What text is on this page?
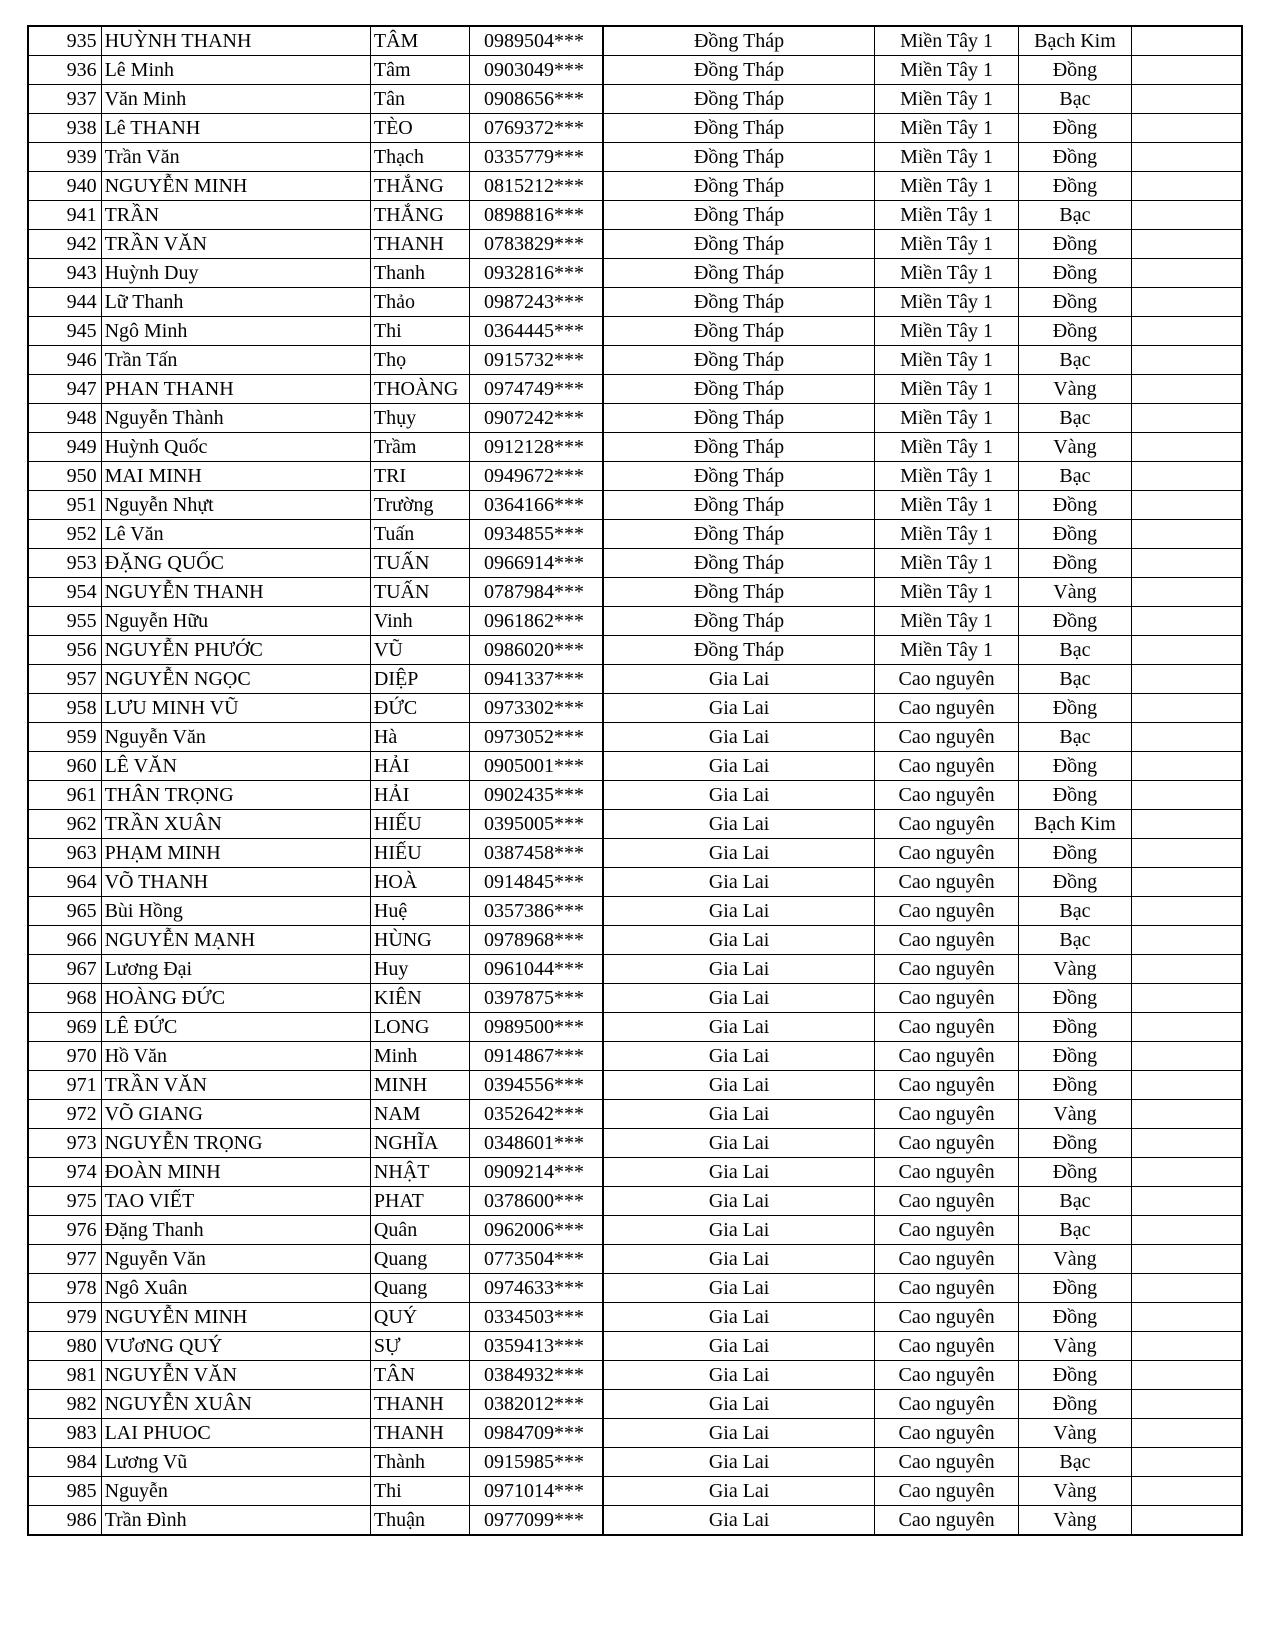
935	HUỲNH THANH	TÂM	0989504***	Đồng Tháp	Miền Tây 1	Bạch Kim	
936	Lê Minh	Tâm	0903049***	Đồng Tháp	Miền Tây 1	Đồng	
937	Văn Minh	Tân	0908656***	Đồng Tháp	Miền Tây 1	Bạc	
938	Lê THANH	TÈO	0769372***	Đồng Tháp	Miền Tây 1	Đồng	
939	Trần Văn	Thạch	0335779***	Đồng Tháp	Miền Tây 1	Đồng	
940	NGUYỄN MINH	THẮNG	0815212***	Đồng Tháp	Miền Tây 1	Đồng	
941	TRẦN	THẮNG	0898816***	Đồng Tháp	Miền Tây 1	Bạc	
942	TRẦN VĂN	THANH	0783829***	Đồng Tháp	Miền Tây 1	Đồng	
943	Huỳnh Duy	Thanh	0932816***	Đồng Tháp	Miền Tây 1	Đồng	
944	Lữ Thanh	Thảo	0987243***	Đồng Tháp	Miền Tây 1	Đồng	
945	Ngô Minh	Thi	0364445***	Đồng Tháp	Miền Tây 1	Đồng	
946	Trần Tấn	Thọ	0915732***	Đồng Tháp	Miền Tây 1	Bạc	
947	PHAN THANH	THOÀNG	0974749***	Đồng Tháp	Miền Tây 1	Vàng	
948	Nguyễn Thành	Thụy	0907242***	Đồng Tháp	Miền Tây 1	Bạc	
949	Huỳnh Quốc	Trầm	0912128***	Đồng Tháp	Miền Tây 1	Vàng	
950	MAI MINH	TRI	0949672***	Đồng Tháp	Miền Tây 1	Bạc	
951	Nguyễn Nhựt	Trường	0364166***	Đồng Tháp	Miền Tây 1	Đồng	
952	Lê Văn	Tuấn	0934855***	Đồng Tháp	Miền Tây 1	Đồng	
953	ĐẶNG QUỐC	TUẤN	0966914***	Đồng Tháp	Miền Tây 1	Đồng	
954	NGUYỄN THANH	TUẤN	0787984***	Đồng Tháp	Miền Tây 1	Vàng	
955	Nguyễn Hữu	Vinh	0961862***	Đồng Tháp	Miền Tây 1	Đồng	
956	NGUYỄN PHƯỚC	VŨ	0986020***	Đồng Tháp	Miền Tây 1	Bạc	
957	NGUYỄN NGỌC	DIỆP	0941337***	Gia Lai	Cao nguyên	Bạc	
958	LƯU MINH VŨ	ĐỨC	0973302***	Gia Lai	Cao nguyên	Đồng	
959	Nguyễn Văn	Hà	0973052***	Gia Lai	Cao nguyên	Bạc	
960	LÊ VĂN	HẢI	0905001***	Gia Lai	Cao nguyên	Đồng	
961	THÂN TRỌNG	HẢI	0902435***	Gia Lai	Cao nguyên	Đồng	
962	TRẦN XUÂN	HIẾU	0395005***	Gia Lai	Cao nguyên	Bạch Kim	
963	PHẠM MINH	HIẾU	0387458***	Gia Lai	Cao nguyên	Đồng	
964	VÕ THANH	HOÀ	0914845***	Gia Lai	Cao nguyên	Đồng	
965	Bùi Hồng	Huệ	0357386***	Gia Lai	Cao nguyên	Bạc	
966	NGUYỄN MẠNH	HÙNG	0978968***	Gia Lai	Cao nguyên	Bạc	
967	Lương Đại	Huy	0961044***	Gia Lai	Cao nguyên	Vàng	
968	HOÀNG ĐỨC	KIÊN	0397875***	Gia Lai	Cao nguyên	Đồng	
969	LÊ ĐỨC	LONG	0989500***	Gia Lai	Cao nguyên	Đồng	
970	Hồ Văn	Minh	0914867***	Gia Lai	Cao nguyên	Đồng	
971	TRẦN VĂN	MINH	0394556***	Gia Lai	Cao nguyên	Đồng	
972	VÕ GIANG	NAM	0352642***	Gia Lai	Cao nguyên	Vàng	
973	NGUYỄN TRỌNG	NGHĨA	0348601***	Gia Lai	Cao nguyên	Đồng	
974	ĐOÀN MINH	NHẬT	0909214***	Gia Lai	Cao nguyên	Đồng	
975	TAO VIẾT	PHAT	0378600***	Gia Lai	Cao nguyên	Bạc	
976	Đặng Thanh	Quân	0962006***	Gia Lai	Cao nguyên	Bạc	
977	Nguyễn Văn	Quang	0773504***	Gia Lai	Cao nguyên	Vàng	
978	Ngô Xuân	Quang	0974633***	Gia Lai	Cao nguyên	Đồng	
979	NGUYỄN MINH	QUÝ	0334503***	Gia Lai	Cao nguyên	Đồng	
980	VƯơNG QUÝ	SỰ	0359413***	Gia Lai	Cao nguyên	Vàng	
981	NGUYỄN VĂN	TÂN	0384932***	Gia Lai	Cao nguyên	Đồng	
982	NGUYỄN XUÂN	THANH	0382012***	Gia Lai	Cao nguyên	Đồng	
983	LAI PHUOC	THANH	0984709***	Gia Lai	Cao nguyên	Vàng	
984	Lương Vũ	Thành	0915985***	Gia Lai	Cao nguyên	Bạc	
985	Nguyễn	Thi	0971014***	Gia Lai	Cao nguyên	Vàng	
986	Trần Đình	Thuận	0977099***	Gia Lai	Cao nguyên	Vàng	
